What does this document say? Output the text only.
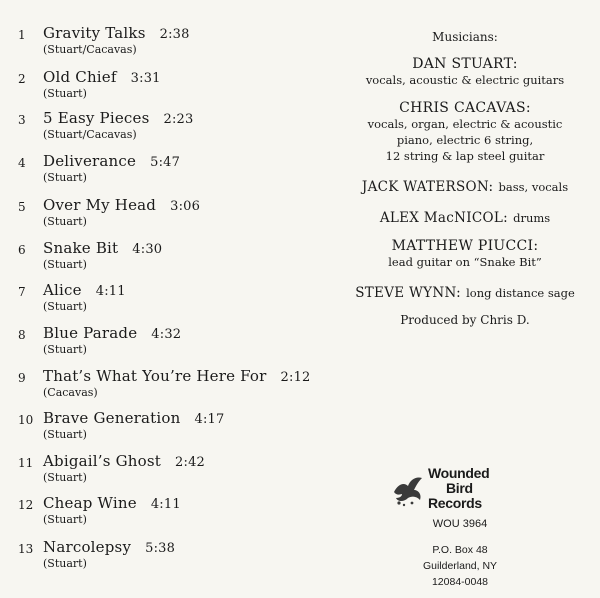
1	Gravity Talks 2:38
(Stuart/Cacavas)
2	Old Chief 3:31
(Stuart)
3	5 Easy Pieces 2:23
(Stuart/Cacavas)
4	Deliverance 5:47
(Stuart)
5	Over My Head 3:06
(Stuart)
6	Snake Bit 4:30
(Stuart)
7	Alice 4:11
(Stuart)
8	Blue Parade 4:32
(Stuart)
9	That’s What You’re Here For 2:12
(Cacavas)
10 Brave Generation 4:17
(Stuart)
11 Abigail’s Ghost 2:42
(Stuart)
12 Cheap Wine 4:11
(Stuart)
13 Narcolepsy 5:38
(Stuart)
Musicians:
DAN STUART:
vocals, acoustic & electric guitars
CHRIS CACAVAS:
vocals, organ, electric & acoustic
piano, electric 6 string,
12 string & lap steel guitar
JACK WATERSON: bass, vocals
ALEX MacNICOL: drums
MATTHEW PIUCCI:
lead guitar on “Snake Bit”
STEVE WYNN: long distance sage
Produced by Chris D.
Wounded
Bird
Records
WOU 3964
P.O. Box 48
Guilderland, NY
12084-0048
